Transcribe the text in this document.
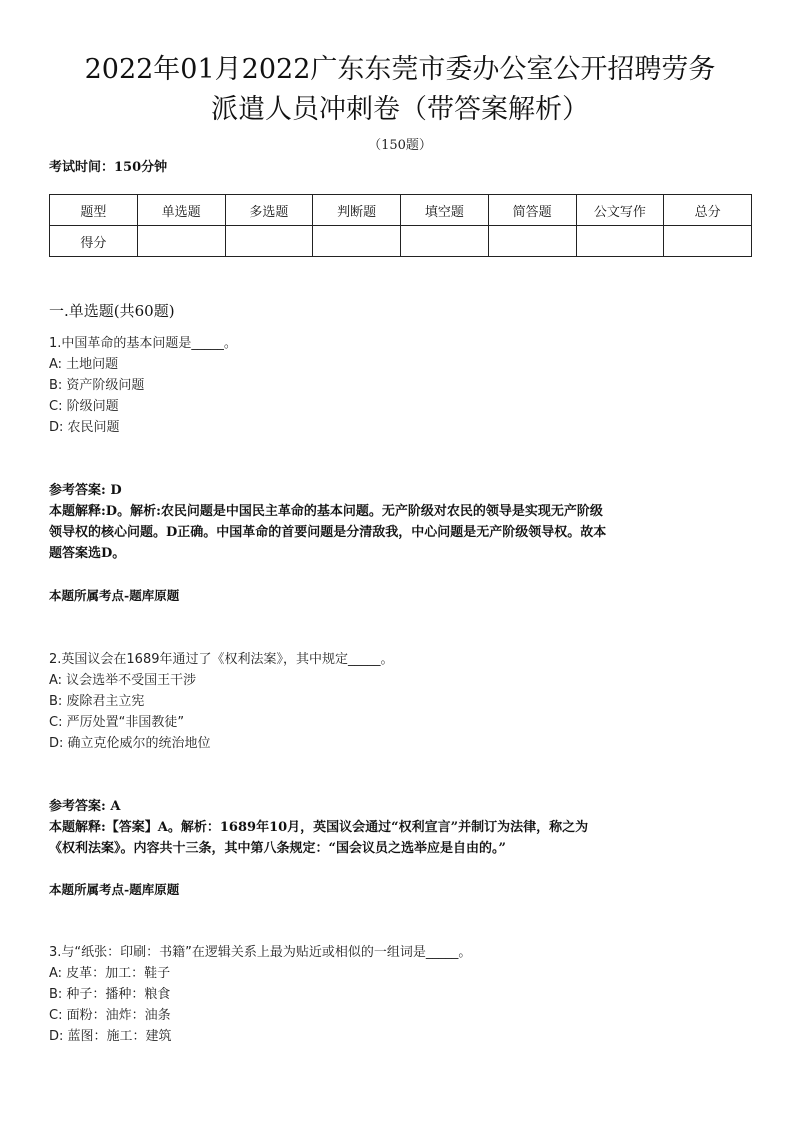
2022年01月2022广东东莞市委办公室公开招聘劳务
派遣人员冲刺卷（带答案解析）
（150题）
考试时间：150分钟
题型	单选题	多选题	判断题	填空题	简答题	公文写作	总分
得分							
一.单选题(共60题)
1.中国革命的基本问题是_____。
A: 土地问题
B: 资产阶级问题
C: 阶级问题
D: 农民问题
参考答案: D
本题解释:D。解析:农民问题是中国民主革命的基本问题。无产阶级对农民的领导是实现无产阶级
领导权的核心问题。D正确。中国革命的首要问题是分清敌我，中心问题是无产阶级领导权。故本
题答案选D。
本题所属考点-题库原题
2.英国议会在1689年通过了《权利法案》，其中规定_____。
A: 议会选举不受国王干涉
B: 废除君主立宪
C: 严厉处置“非国教徒”
D: 确立克伦威尔的统治地位
参考答案: A
本题解释:【答案】A。解析：1689年10月，英国议会通过“权利宣言”并制订为法律，称之为
《权利法案》。内容共十三条，其中第八条规定：“国会议员之选举应是自由的。”
本题所属考点-题库原题
3.与“纸张：印刷：书籍”在逻辑关系上最为贴近或相似的一组词是_____。
A: 皮革：加工：鞋子
B: 种子：播种：粮食
C: 面粉：油炸：油条
D: 蓝图：施工：建筑
